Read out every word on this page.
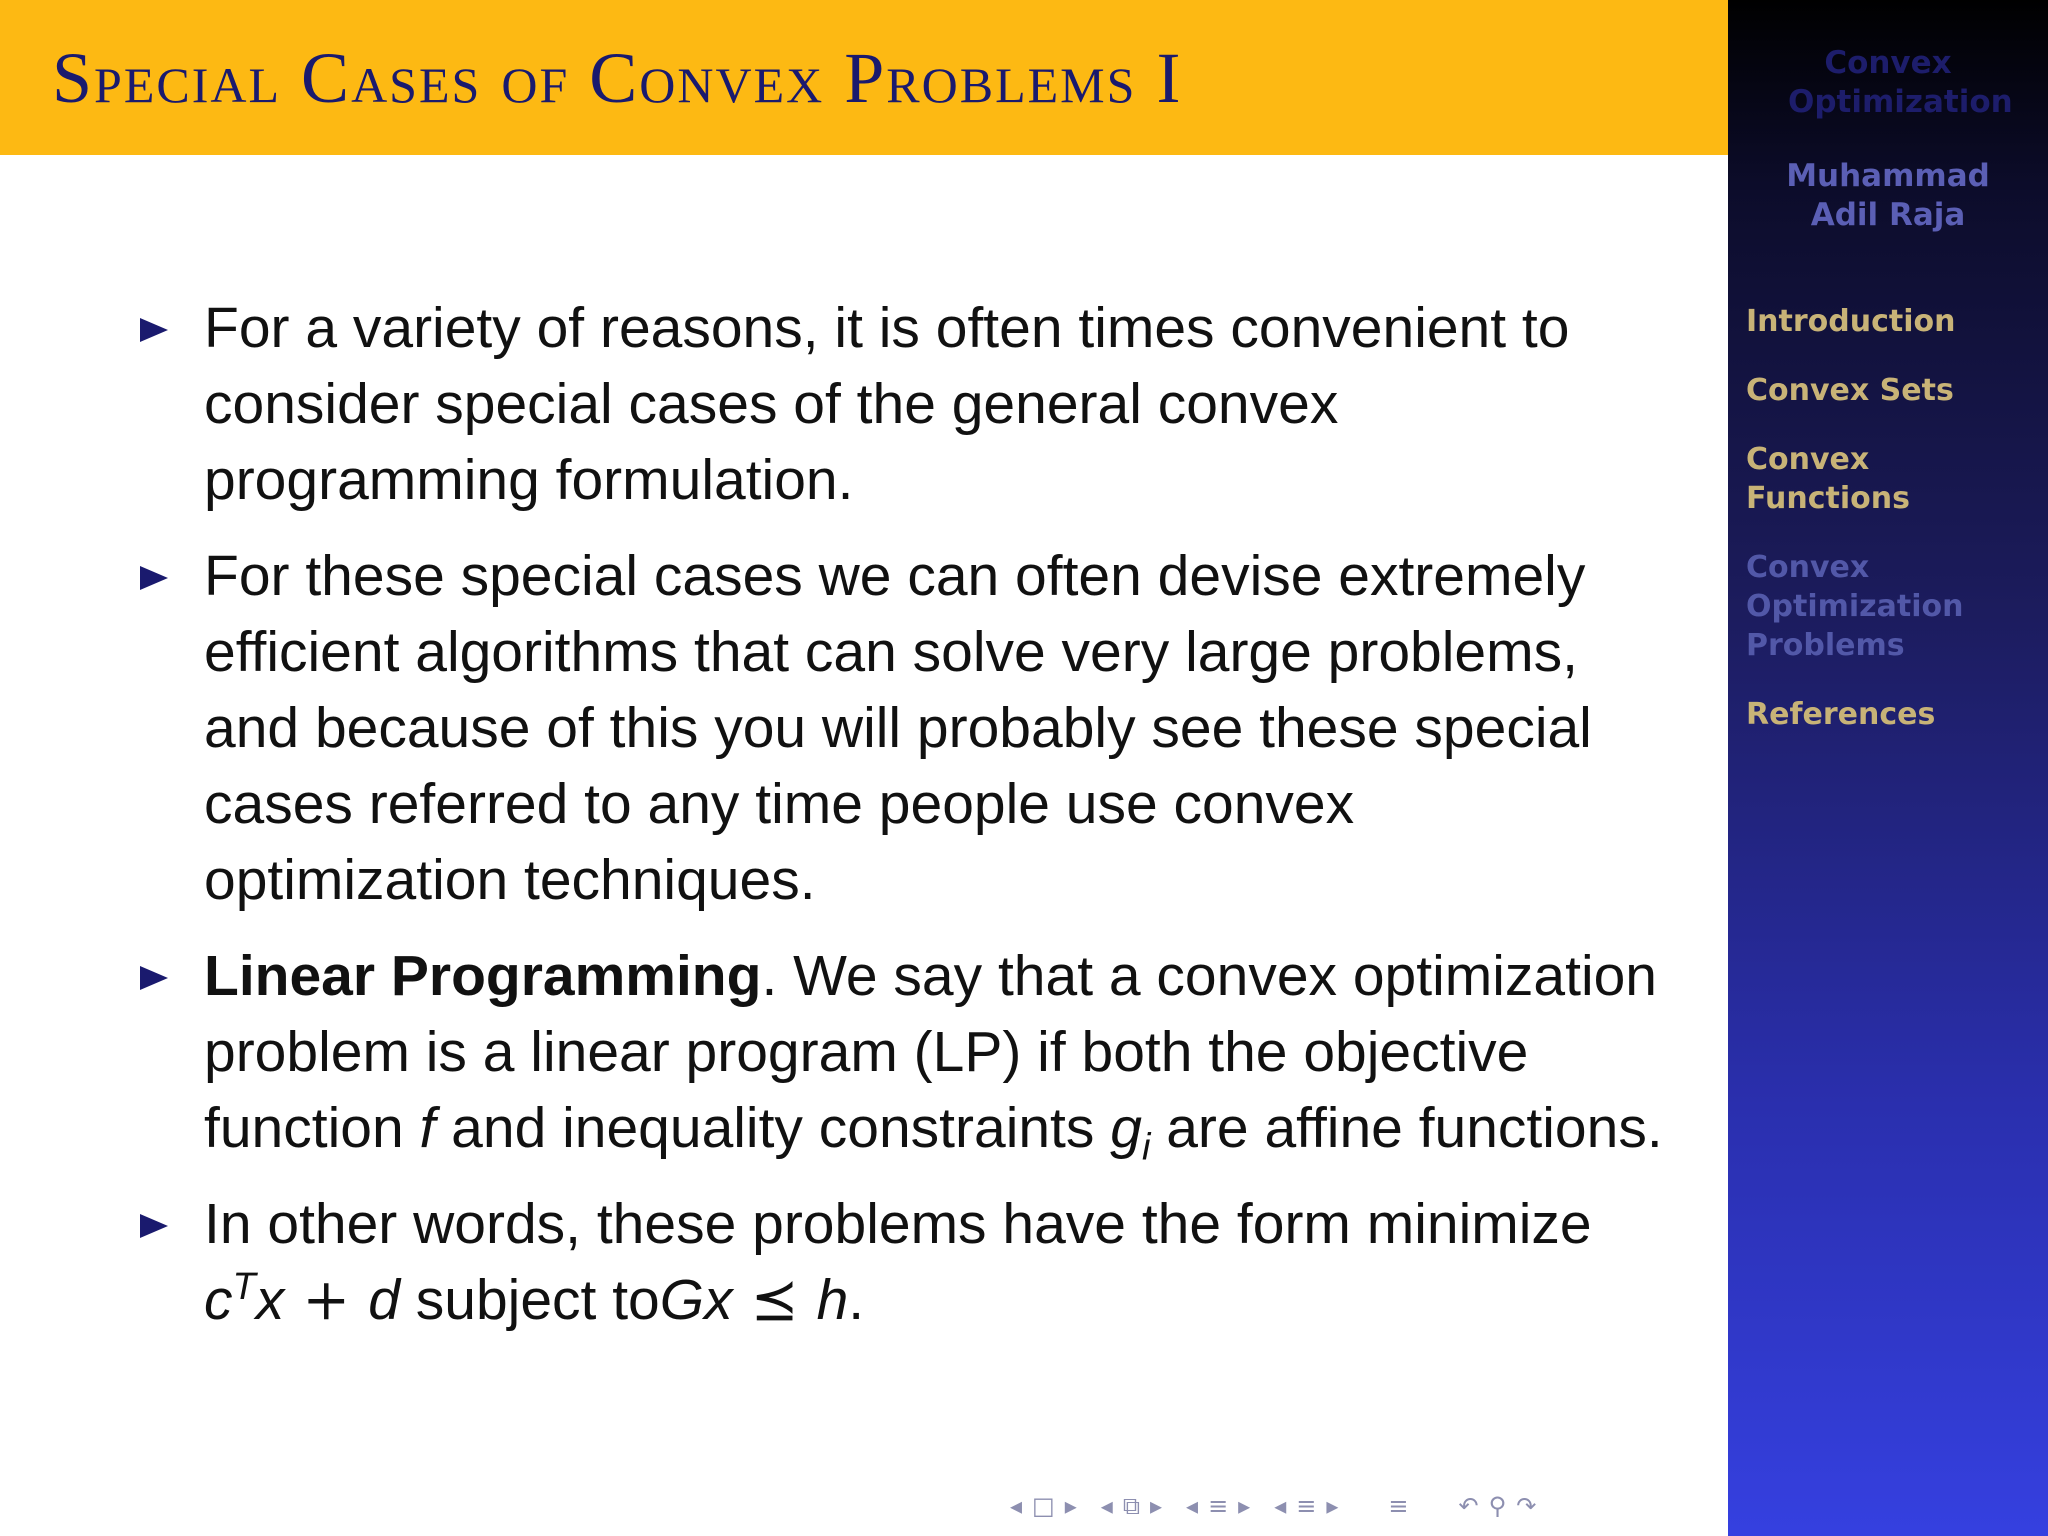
Special Cases of Convex Problems I	Convex Optimization
Muhammad Adil Raja
Introduction
Convex Sets
Convex Functions
Convex Optimization Problems
References

For a variety of reasons, it is often times convenient to consider special cases of the general convex programming formulation.

For these special cases we can often devise extremely efficient algorithms that can solve very large problems, and because of this you will probably see these special cases referred to any time people use convex optimization techniques.

Linear Programming. We say that a convex optimization problem is a linear program (LP) if both the objective function f and inequality constraints $g_i$ are affine functions.

In other words, these problems have the form minimize $c^Tx + d$ subject toGx ⪯ h.

◂ □ ▸ ◂ ⧉ ▸ ◂ ≡ ▸ ◂ ≡ ▸ ≡ ↶ ⚲ ↷
